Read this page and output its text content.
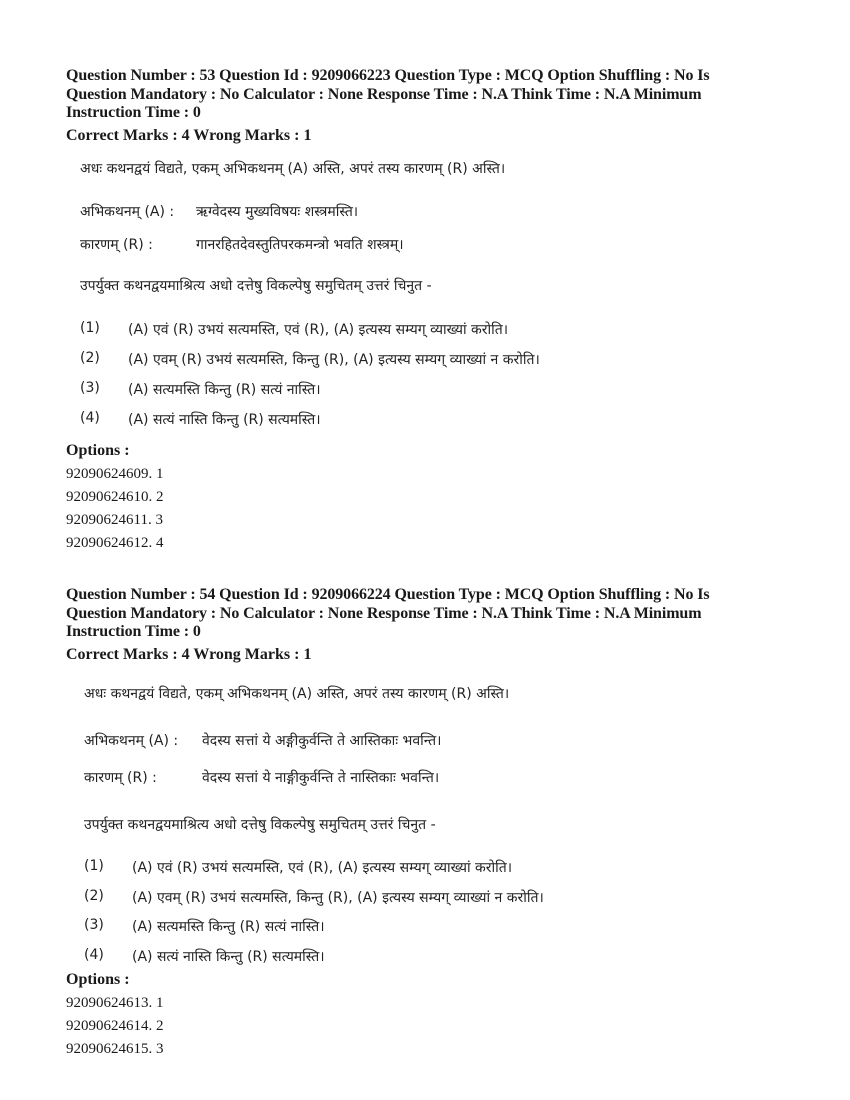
Question Number : 53 Question Id : 9209066223 Question Type : MCQ Option Shuffling : No Is
Question Mandatory : No Calculator : None Response Time : N.A Think Time : N.A Minimum
Instruction Time : 0
Correct Marks : 4 Wrong Marks : 1
अधः कथनद्वयं विद्यते, एकम् अभिकथनम् (A) अस्ति, अपरं तस्य कारणम् (R) अस्ति।
अभिकथनम् (A) : ऋग्वेदस्य मुख्यविषयः शस्त्रमस्ति।
कारणम् (R) :	गानरहितदेवस्तुतिपरकमन्त्रो भवति शस्त्रम्।
उपर्युक्त कथनद्वयमाश्रित्य अधो दत्तेषु विकल्पेषु समुचितम् उत्तरं चिनुत -
(1) (A) एवं (R) उभयं सत्यमस्ति, एवं (R), (A) इत्यस्य सम्यग् व्याख्यां करोति।
(2) (A) एवम् (R) उभयं सत्यमस्ति, किन्तु (R), (A) इत्यस्य सम्यग् व्याख्यां न करोति।
(3) (A) सत्यमस्ति किन्तु (R) सत्यं नास्ति।
(4) (A) सत्यं नास्ति किन्तु (R) सत्यमस्ति।
Options :
92090624609. 1
92090624610. 2
92090624611. 3
92090624612. 4
Question Number : 54 Question Id : 9209066224 Question Type : MCQ Option Shuffling : No Is
Question Mandatory : No Calculator : None Response Time : N.A Think Time : N.A Minimum
Instruction Time : 0
Correct Marks : 4 Wrong Marks : 1
अधः कथनद्वयं विद्यते, एकम् अभिकथनम् (A) अस्ति, अपरं तस्य कारणम् (R) अस्ति।
अभिकथनम् (A) : वेदस्य सत्तां ये अङ्गीकुर्वन्ति ते आस्तिकाः भवन्ति।
कारणम् (R) :	वेदस्य सत्तां ये नाङ्गीकुर्वन्ति ते नास्तिकाः भवन्ति।
उपर्युक्त कथनद्वयमाश्रित्य अधो दत्तेषु विकल्पेषु समुचितम् उत्तरं चिनुत -
(1) (A) एवं (R) उभयं सत्यमस्ति, एवं (R), (A) इत्यस्य सम्यग् व्याख्यां करोति।
(2) (A) एवम् (R) उभयं सत्यमस्ति, किन्तु (R), (A) इत्यस्य सम्यग् व्याख्यां न करोति।
(3) (A) सत्यमस्ति किन्तु (R) सत्यं नास्ति।
(4) (A) सत्यं नास्ति किन्तु (R) सत्यमस्ति।
Options :
92090624613. 1
92090624614. 2
92090624615. 3
